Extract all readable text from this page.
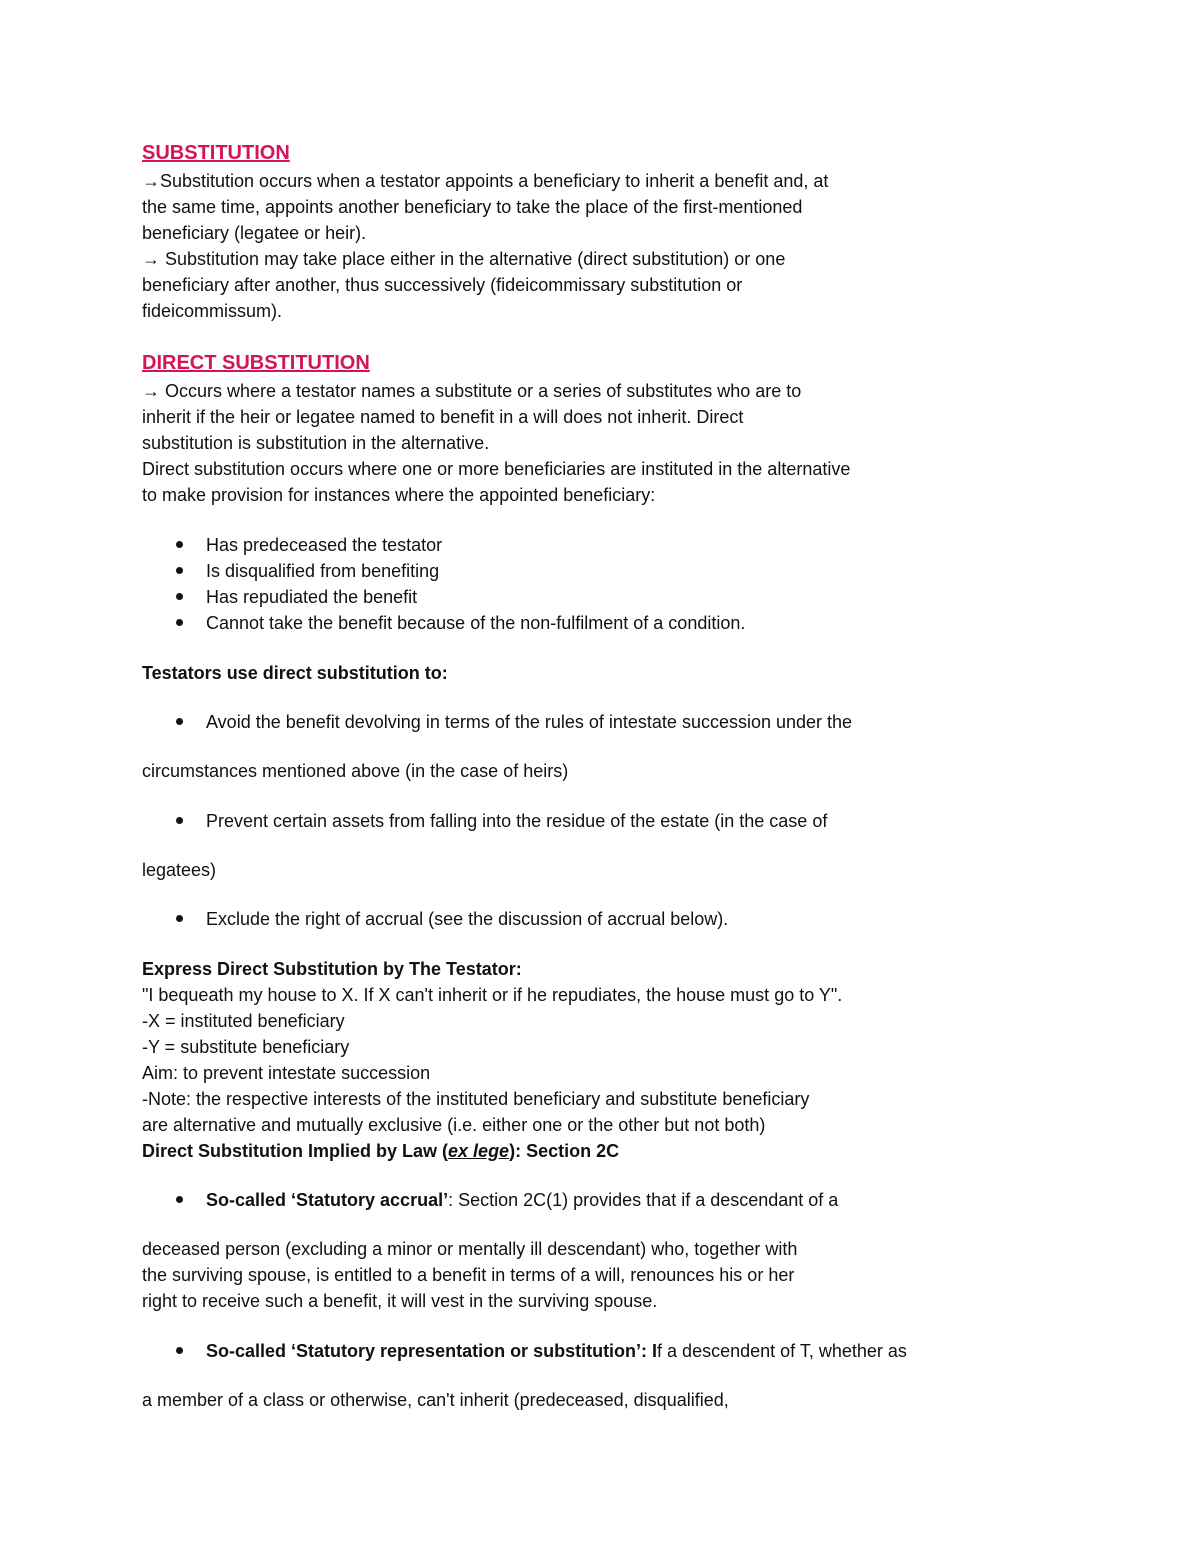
SUBSTITUTION
→Substitution occurs when a testator appoints a beneficiary to inherit a benefit and, at
the same time, appoints another beneficiary to take the place of the first-mentioned
beneficiary (legatee or heir).
→ Substitution may take place either in the alternative (direct substitution) or one
beneficiary after another, thus successively (fideicommissary substitution or
fideicommissum).
DIRECT SUBSTITUTION
→ Occurs where a testator names a substitute or a series of substitutes who are to
inherit if the heir or legatee named to benefit in a will does not inherit. Direct
substitution is substitution in the alternative.
Direct substitution occurs where one or more beneficiaries are instituted in the alternative
to make provision for instances where the appointed beneficiary:
Has predeceased the testator
Is disqualified from benefiting
Has repudiated the benefit
Cannot take the benefit because of the non-fulfilment of a condition.
Testators use direct substitution to:
Avoid the benefit devolving in terms of the rules of intestate succession under the
circumstances mentioned above (in the case of heirs)
Prevent certain assets from falling into the residue of the estate (in the case of
legatees)
Exclude the right of accrual (see the discussion of accrual below).
Express Direct Substitution by The Testator:
"I bequeath my house to X. If X can't inherit or if he repudiates, the house must go to Y".
-X = instituted beneficiary
-Y = substitute beneficiary
Aim: to prevent intestate succession
-Note: the respective interests of the instituted beneficiary and substitute beneficiary
are alternative and mutually exclusive (i.e. either one or the other but not both)
Direct Substitution Implied by Law (ex lege): Section 2C
So-called ‘Statutory accrual’: Section 2C(1) provides that if a descendant of a
deceased person (excluding a minor or mentally ill descendant) who, together with
the surviving spouse, is entitled to a benefit in terms of a will, renounces his or her
right to receive such a benefit, it will vest in the surviving spouse.
So-called ‘Statutory representation or substitution’: If a descendent of T, whether as
a member of a class or otherwise, can't inherit (predeceased, disqualified,
